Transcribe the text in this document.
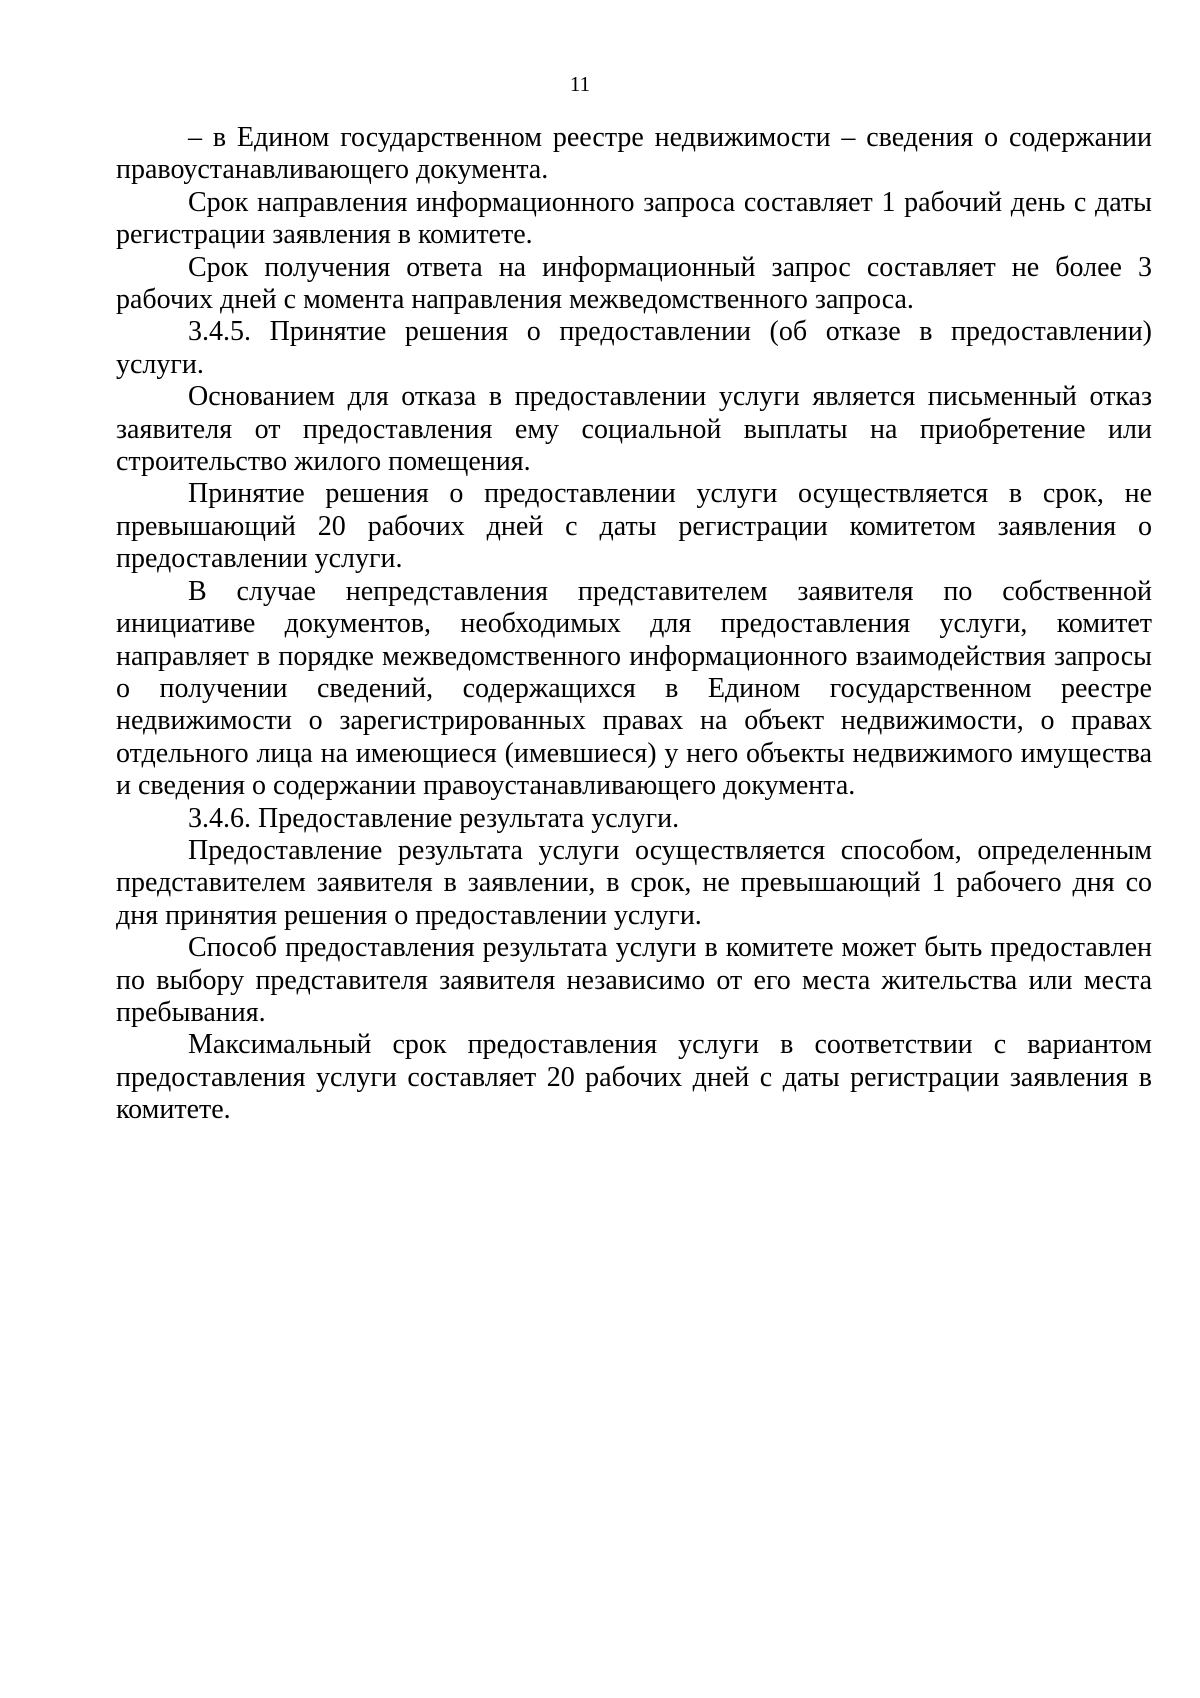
11

– в Едином государственном реестре недвижимости – сведения о содержании правоустанавливающего документа.

Срок направления информационного запроса составляет 1 рабочий день с даты регистрации заявления в комитете.

Срок получения ответа на информационный запрос составляет не более 3 рабочих дней с момента направления межведомственного запроса.

3.4.5. Принятие решения о предоставлении (об отказе в предоставлении) услуги.

Основанием для отказа в предоставлении услуги является письменный отказ заявителя от предоставления ему социальной выплаты на приобретение или строительство жилого помещения.

Принятие решения о предоставлении услуги осуществляется в срок, не превышающий 20 рабочих дней с даты регистрации комитетом заявления о предоставлении услуги.

В случае непредставления представителем заявителя по собственной инициативе документов, необходимых для предоставления услуги, комитет направляет в порядке межведомственного информационного взаимодействия запросы о получении сведений, содержащихся в Едином государственном реестре недвижимости о зарегистрированных правах на объект недвижимости, о правах отдельного лица на имеющиеся (имевшиеся) у него объекты недвижимого имущества и сведения о содержании правоустанавливающего документа.

3.4.6. Предоставление результата услуги.

Предоставление результата услуги осуществляется способом, определенным представителем заявителя в заявлении, в срок, не превышающий 1 рабочего дня со дня принятия решения о предоставлении услуги.

Способ предоставления результата услуги в комитете может быть предоставлен по выбору представителя заявителя независимо от его места жительства или места пребывания.

Максимальный срок предоставления услуги в соответствии с вариантом предоставления услуги составляет 20 рабочих дней с даты регистрации заявления в комитете.
